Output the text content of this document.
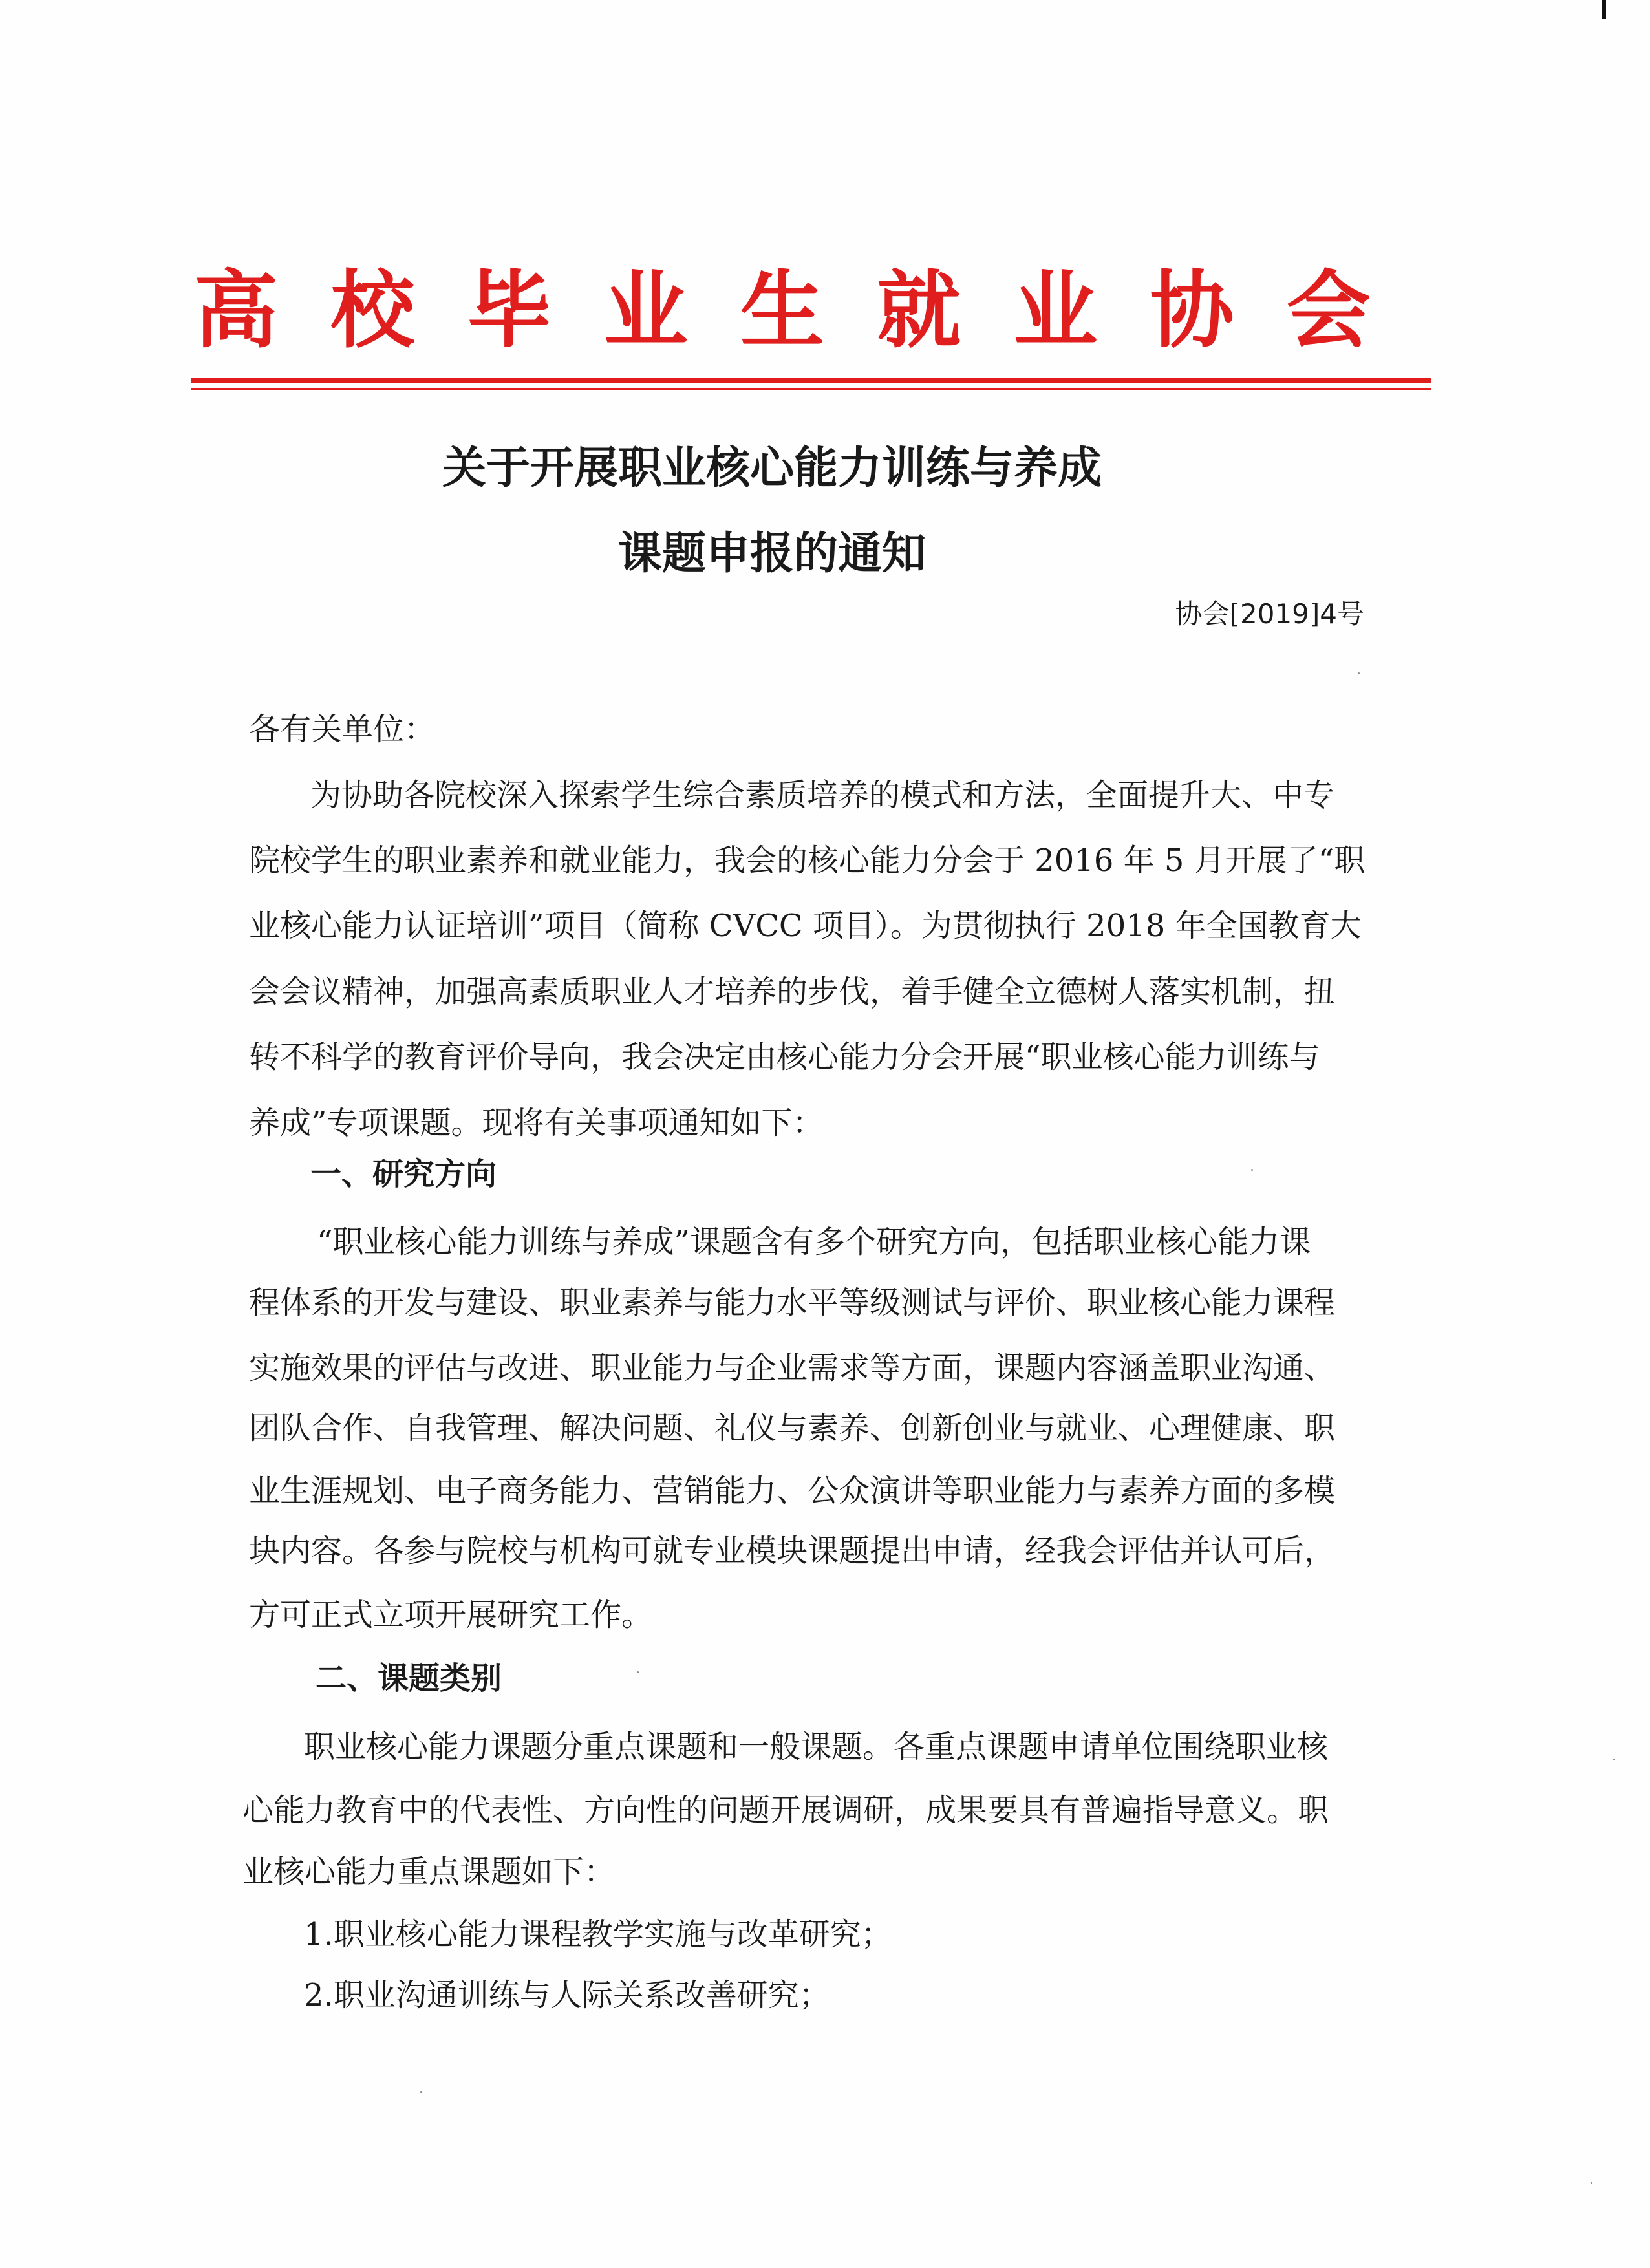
高 校 毕 业 生 就 业 协 会
关于开展职业核心能力训练与养成
课题申报的通知
协会[2019]4号
各有关单位：
为协助各院校深入探索学生综合素质培养的模式和方法，全面提升大、中专
院校学生的职业素养和就业能力，我会的核心能力分会于 2016 年 5 月开展了“职
业核心能力认证培训”项目（简称 CVCC 项目）。为贯彻执行 2018 年全国教育大
会会议精神，加强高素质职业人才培养的步伐，着手健全立德树人落实机制，扭
转不科学的教育评价导向，我会决定由核心能力分会开展“职业核心能力训练与
养成”专项课题。现将有关事项通知如下：
一、研究方向
“职业核心能力训练与养成”课题含有多个研究方向，包括职业核心能力课
程体系的开发与建设、职业素养与能力水平等级测试与评价、职业核心能力课程
实施效果的评估与改进、职业能力与企业需求等方面，课题内容涵盖职业沟通、
团队合作、自我管理、解决问题、礼仪与素养、创新创业与就业、心理健康、职
业生涯规划、电子商务能力、营销能力、公众演讲等职业能力与素养方面的多模
块内容。各参与院校与机构可就专业模块课题提出申请，经我会评估并认可后，
方可正式立项开展研究工作。
二、课题类别
职业核心能力课题分重点课题和一般课题。各重点课题申请单位围绕职业核
心能力教育中的代表性、方向性的问题开展调研，成果要具有普遍指导意义。职
业核心能力重点课题如下：
1.职业核心能力课程教学实施与改革研究；
2.职业沟通训练与人际关系改善研究；
